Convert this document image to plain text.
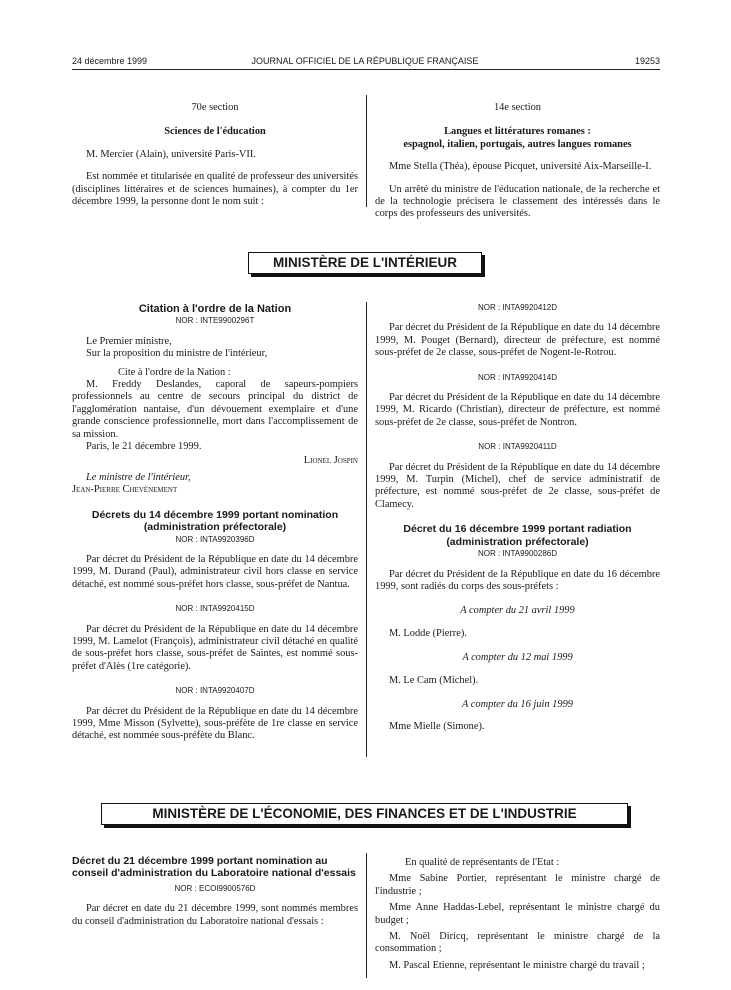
24 décembre 1999	JOURNAL OFFICIEL DE LA RÉPUBLIQUE FRANÇAISE	19253

70e section

Sciences de l'éducation

M. Mercier (Alain), université Paris-VII.

Est nommée et titularisée en qualité de professeur des universités (disciplines littéraires et de sciences humaines), à compter du 1er décembre 1999, la personne dont le nom suit :

14e section

Langues et littératures romanes :

espagnol, italien, portugais, autres langues romanes

Mme Stella (Théa), épouse Picquet, université Aix-Marseille-I.

Un arrêté du ministre de l'éducation nationale, de la recherche et de la technologie précisera le classement des intéressés dans le corps des professeurs des universités.

MINISTÈRE DE L'INTÉRIEUR

Citation à l'ordre de la Nation

NOR : INTE9900296T

Le Premier ministre,

Sur la proposition du ministre de l'intérieur,

Cite à l'ordre de la Nation :

M. Freddy Deslandes, caporal de sapeurs-pompiers professionnels au centre de secours principal du district de l'agglomération nantaise, d'un dévouement exemplaire et d'une grande conscience professionnelle, mort dans l'accomplissement de sa mission.

Paris, le 21 décembre 1999.

Lionel Jospin

Le ministre de l'intérieur,

Jean-Pierre Chevènement

Décrets du 14 décembre 1999 portant nomination

(administration préfectorale)

NOR : INTA9920396D

Par décret du Président de la République en date du 14 décembre 1999, M. Durand (Paul), administrateur civil hors classe en service détaché, est nommé sous-préfet hors classe, sous-préfet de Nantua.

NOR : INTA9920415D

Par décret du Président de la République en date du 14 décembre 1999, M. Lamelot (François), administrateur civil détaché en qualité de sous-préfet hors classe, sous-préfet de Saintes, est nommé sous-préfet d'Alès (1re catégorie).

NOR : INTA9920407D

Par décret du Président de la République en date du 14 décembre 1999, Mme Misson (Sylvette), sous-préfète de 1re classe en service détaché, est nommée sous-préfète du Blanc.

NOR : INTA9920412D

Par décret du Président de la République en date du 14 décembre 1999, M. Pouget (Bernard), directeur de préfecture, est nommé sous-préfet de 2e classe, sous-préfet de Nogent-le-Rotrou.

NOR : INTA9920414D

Par décret du Président de la République en date du 14 décembre 1999, M. Ricardo (Christian), directeur de préfecture, est nommé sous-préfet de 2e classe, sous-préfet de Nontron.

NOR : INTA9920411D

Par décret du Président de la République en date du 14 décembre 1999, M. Turpin (Michel), chef de service administratif de préfecture, est nommé sous-préfet de 2e classe, sous-préfet de Clamecy.

Décret du 16 décembre 1999 portant radiation

(administration préfectorale)

NOR : INTA9900286D

Par décret du Président de la République en date du 16 décembre 1999, sont radiés du corps des sous-préfets :

A compter du 21 avril 1999

M. Lodde (Pierre).

A compter du 12 mai 1999

M. Le Cam (Michel).

A compter du 16 juin 1999

Mme Mielle (Simone).

MINISTÈRE DE L'ÉCONOMIE, DES FINANCES ET DE L'INDUSTRIE

Décret du 21 décembre 1999 portant nomination au conseil d'administration du Laboratoire national d'essais

NOR : ECOI9900576D

Par décret en date du 21 décembre 1999, sont nommés membres du conseil d'administration du Laboratoire national d'essais :

En qualité de représentants de l'Etat :

Mme Sabine Portier, représentant le ministre chargé de l'industrie ;

Mme Anne Haddas-Lebel, représentant le ministre chargé du budget ;

M. Noël Diricq, représentant le ministre chargé de la consommation ;

M. Pascal Etienne, représentant le ministre chargé du travail ;
